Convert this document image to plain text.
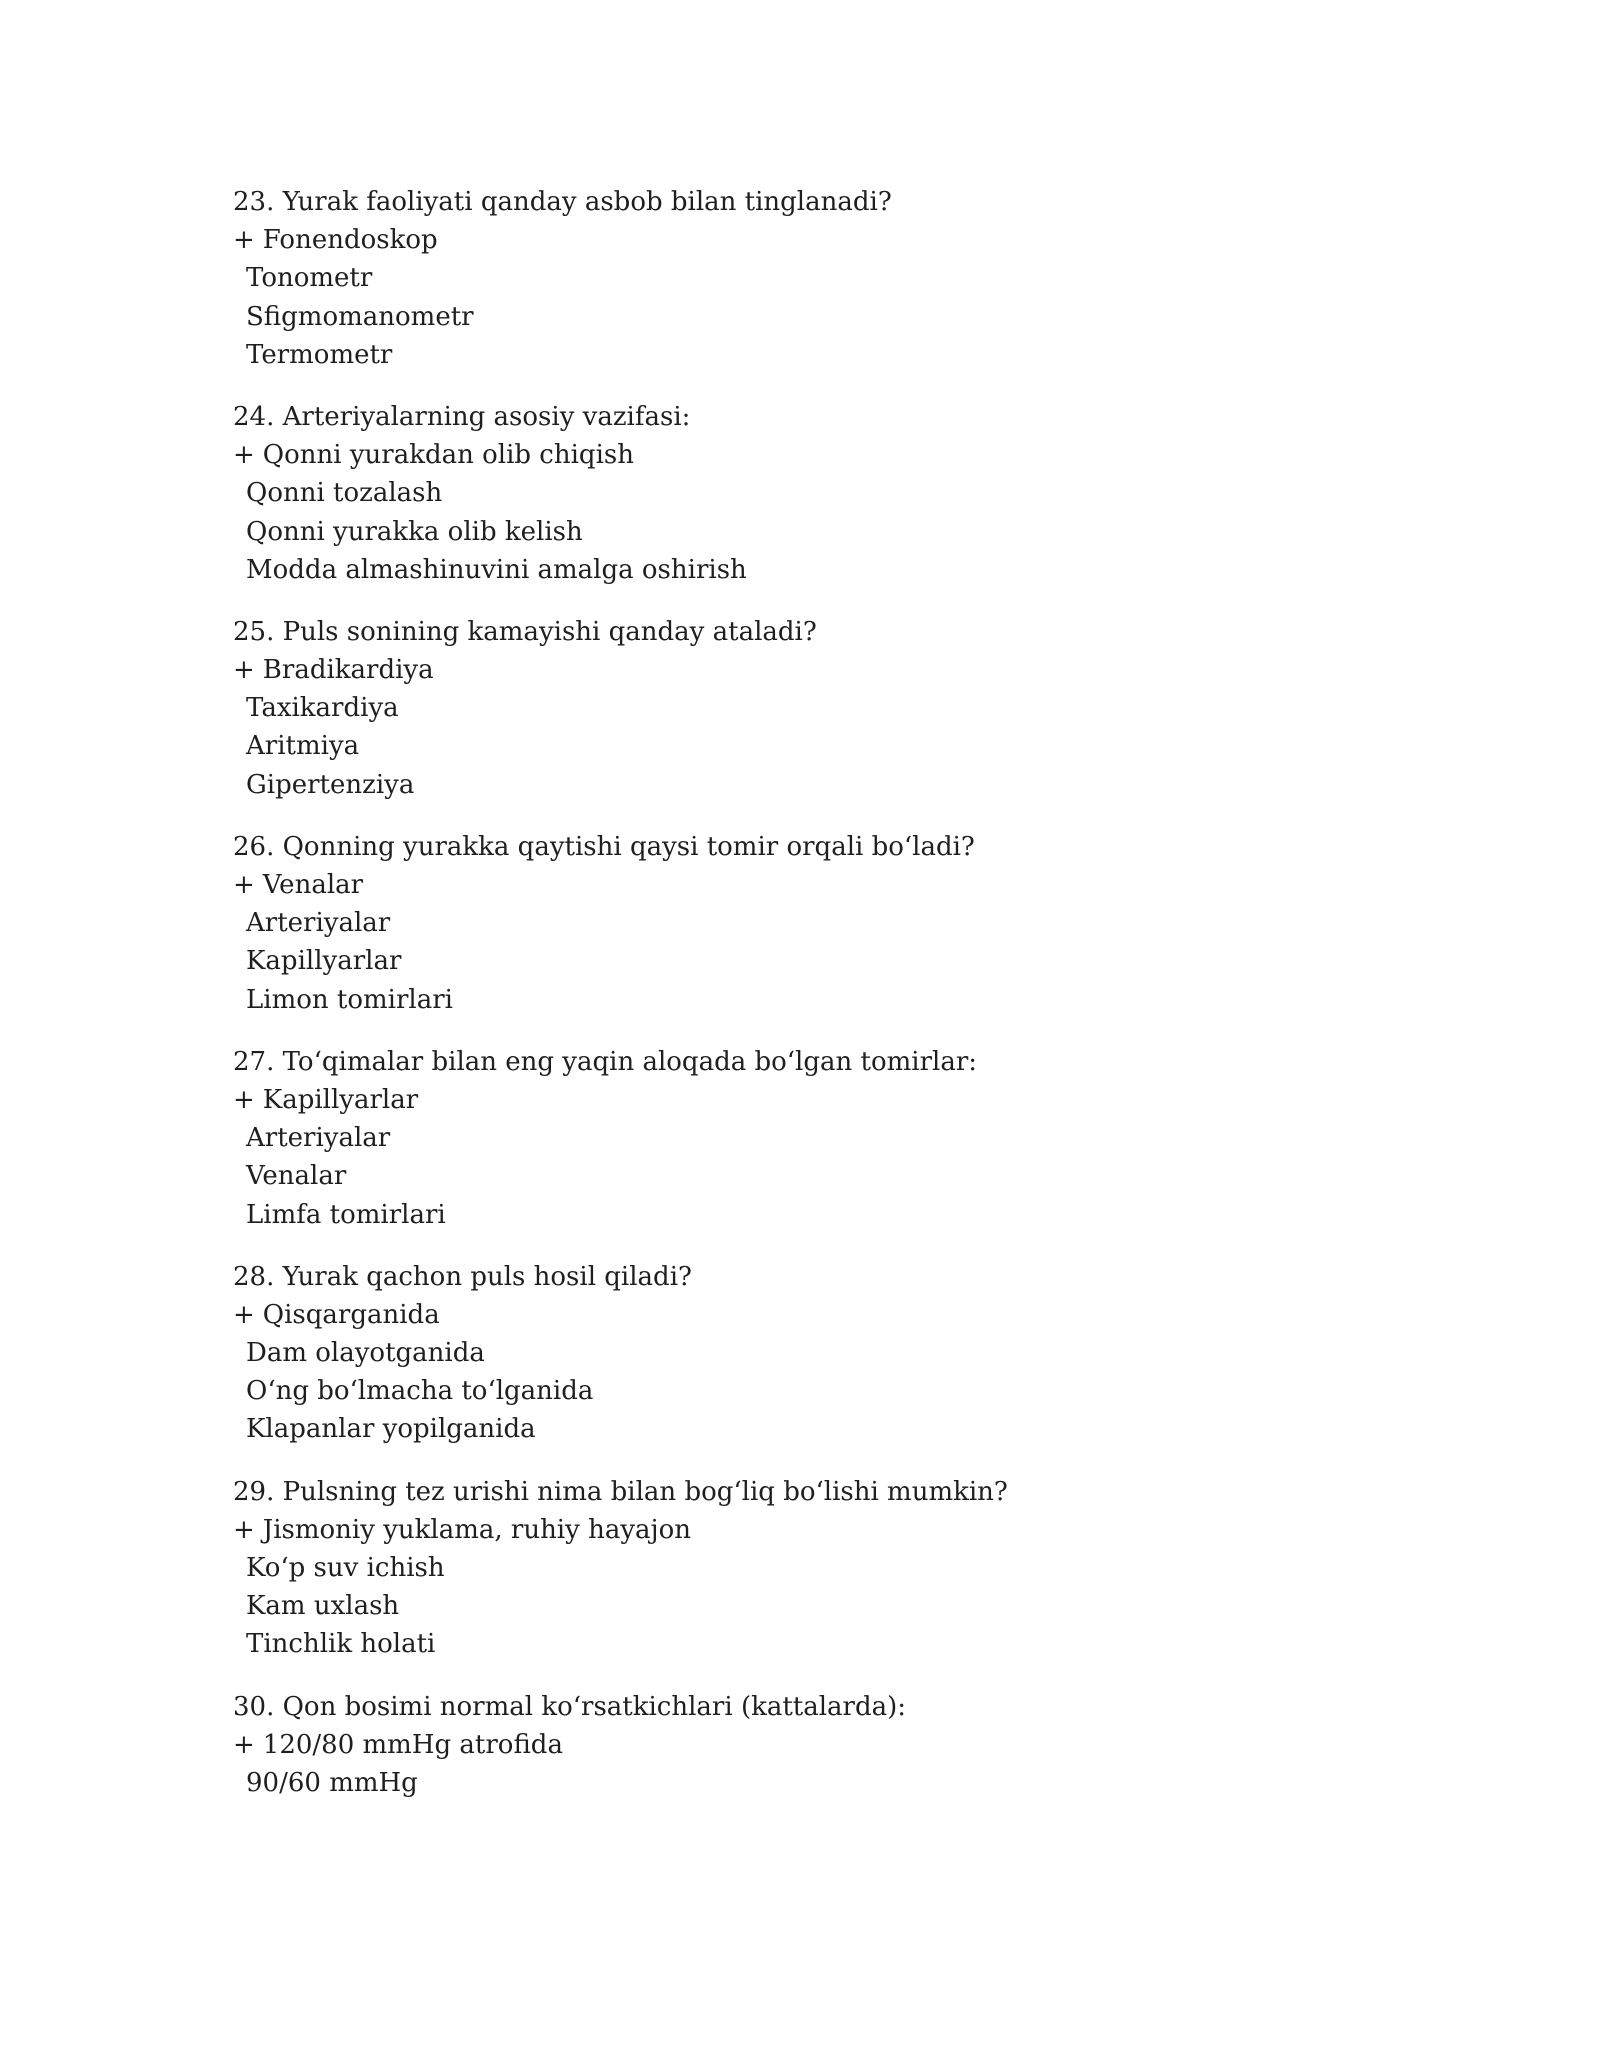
23. Yurak faoliyati qanday asbob bilan tinglanadi?
+ Fonendoskop
Tonometr
Sfigmomanometr
Termometr
24. Arteriyalarning asosiy vazifasi:
+ Qonni yurakdan olib chiqish
Qonni tozalash
Qonni yurakka olib kelish
Modda almashinuvini amalga oshirish
25. Puls sonining kamayishi qanday ataladi?
+ Bradikardiya
Taxikardiya
Aritmiya
Gipertenziya
26. Qonning yurakka qaytishi qaysi tomir orqali boʻladi?
+ Venalar
Arteriyalar
Kapillyarlar
Limon tomirlari
27. Toʻqimalar bilan eng yaqin aloqada boʻlgan tomirlar:
+ Kapillyarlar
Arteriyalar
Venalar
Limfa tomirlari
28. Yurak qachon puls hosil qiladi?
+ Qisqarganida
Dam olayotganida
Oʻng boʻlmacha toʻlganida
Klapanlar yopilganida
29. Pulsning tez urishi nima bilan bogʻliq boʻlishi mumkin?
+ Jismoniy yuklama, ruhiy hayajon
Koʻp suv ichish
Kam uxlash
Tinchlik holati
30. Qon bosimi normal koʻrsatkichlari (kattalarda):
+ 120/80 mmHg atrofida
90/60 mmHg
